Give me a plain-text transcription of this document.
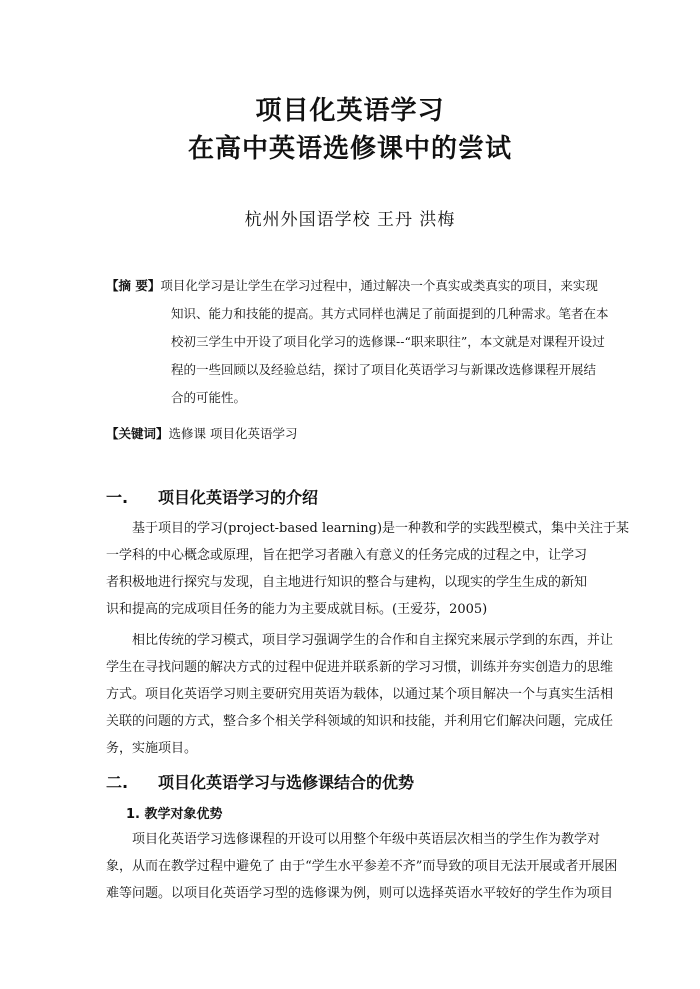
项目化英语学习
在高中英语选修课中的尝试
杭州外国语学校 王丹 洪梅
【摘 要】项目化学习是让学生在学习过程中，通过解决一个真实或类真实的项目，来实现
知识、能力和技能的提高。其方式同样也满足了前面提到的几种需求。笔者在本
校初三学生中开设了项目化学习的选修课--“职来职往”，本文就是对课程开设过
程的一些回顾以及经验总结，探讨了项目化英语学习与新课改选修课程开展结
合的可能性。
【关键词】选修课 项目化英语学习
一. 项目化英语学习的介绍
基于项目的学习(project-based learning)是一种教和学的实践型模式，集中关注于某
一学科的中心概念或原理，旨在把学习者融入有意义的任务完成的过程之中，让学习
者积极地进行探究与发现，自主地进行知识的整合与建构，以现实的学生生成的新知
识和提高的完成项目任务的能力为主要成就目标。(王爱芬，2005)
相比传统的学习模式，项目学习强调学生的合作和自主探究来展示学到的东西，并让
学生在寻找问题的解决方式的过程中促进并联系新的学习习惯，训练并夯实创造力的思维
方式。项目化英语学习则主要研究用英语为载体，以通过某个项目解决一个与真实生活相
关联的问题的方式，整合多个相关学科领域的知识和技能，并利用它们解决问题，完成任
务，实施项目。
二. 项目化英语学习与选修课结合的优势
1. 教学对象优势
项目化英语学习选修课程的开设可以用整个年级中英语层次相当的学生作为教学对
象，从而在教学过程中避免了 由于“学生水平参差不齐”而导致的项目无法开展或者开展困
难等问题。以项目化英语学习型的选修课为例，则可以选择英语水平较好的学生作为项目
